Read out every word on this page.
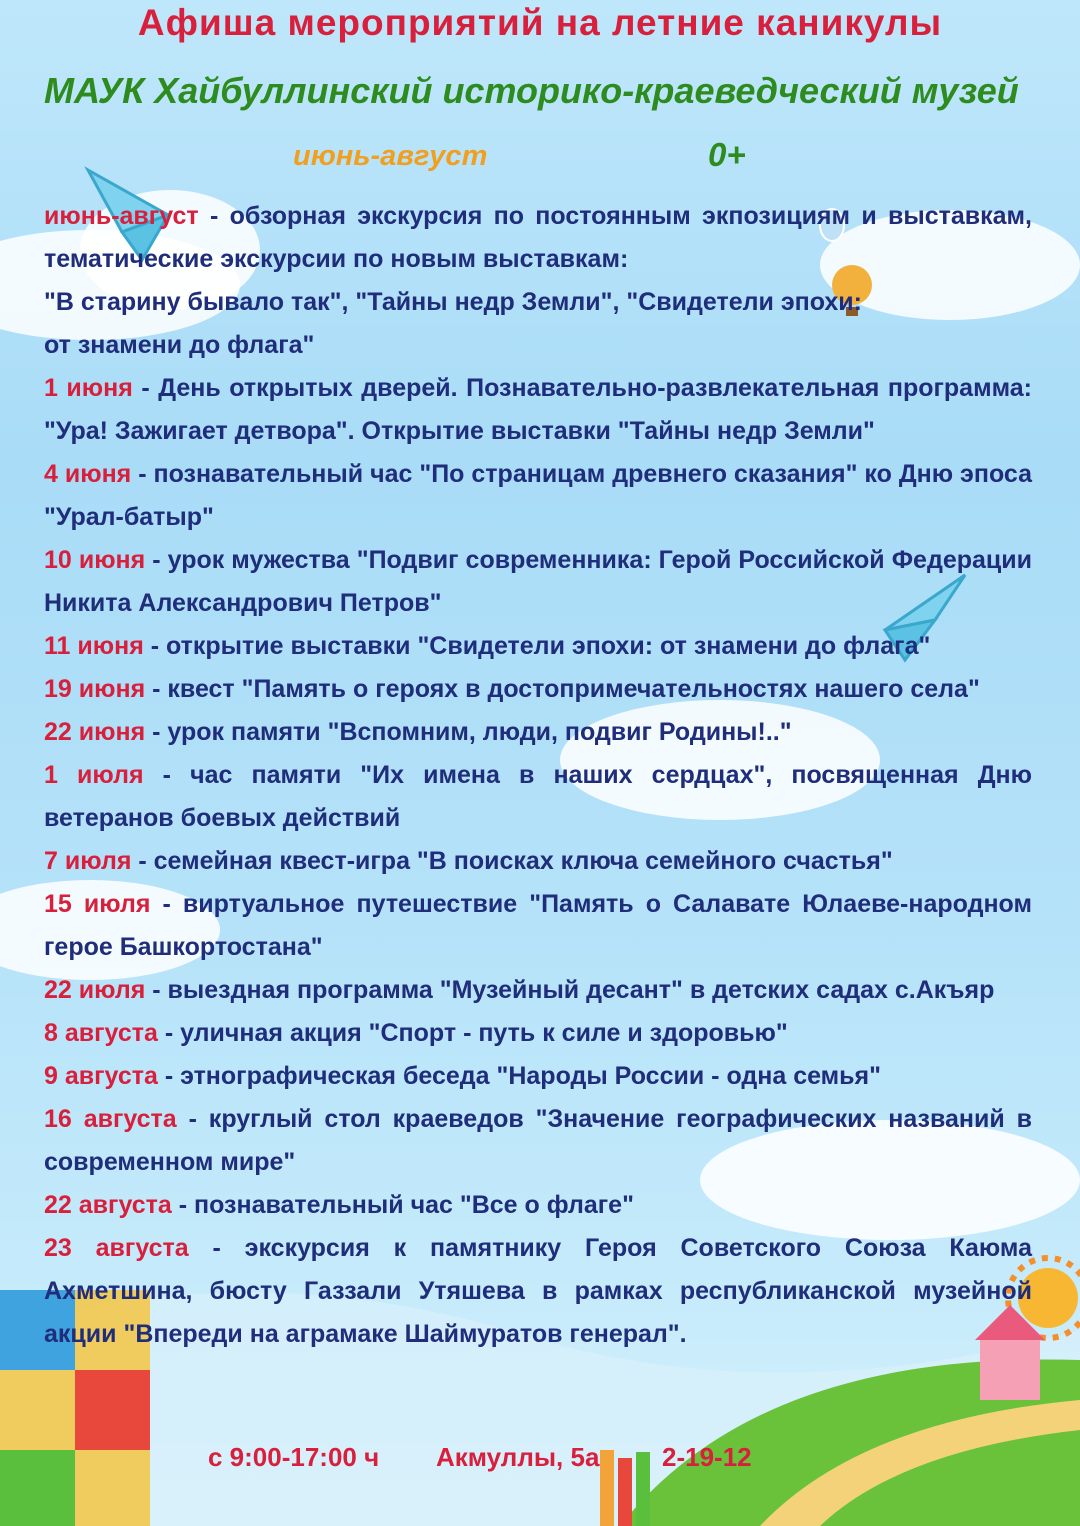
Афиша мероприятий на летние каникулы
МАУК Хайбуллинский историко-краеведческий музей
июнь-август	0+

июнь-август - обзорная экскурсия по постоянным экпозициям и выставкам, тематические экскурсии по новым выставкам:

"В старину бывало так", "Тайны недр Земли", "Свидетели эпохи:
от знамени до флага"

1 июня - День открытых дверей. Познавательно-развлекательная программа: "Ура! Зажигает детвора". Открытие выставки "Тайны недр Земли"

4 июня - познавательный час "По страницам древнего сказания" ко Дню эпоса "Урал-батыр"

10 июня - урок мужества "Подвиг современника: Герой Российской Федерации Никита Александрович Петров"

11 июня - открытие выставки "Свидетели эпохи: от знамени до флага"

19 июня - квест "Память о героях в достопримечательностях нашего села"

22 июня - урок памяти "Вспомним, люди, подвиг Родины!.."

1 июля - час памяти "Их имена в наших сердцах", посвященная Дню ветеранов боевых действий

7 июля - семейная квест-игра "В поисках ключа семейного счастья"

15 июля - виртуальное путешествие "Память о Салавате Юлаеве-народном герое Башкортостана"

22 июля - выездная программа "Музейный десант" в детских садах с.Акъяр

8 августа - уличная акция "Спорт - путь к силе и здоровью"

9 августа - этнографическая беседа "Народы России - одна семья"

16 августа - круглый стол краеведов "Значение географических названий в современном мире"

22 августа - познавательный час "Все о флаге"

23 августа - экскурсия к памятнику Героя Советского Союза Каюма Ахметшина, бюсту Газзали Утяшева в рамках республиканской музейной акции "Впереди на аграмаке Шаймуратов генерал".

с 9:00-17:00 ч Акмуллы, 5а 2-19-12
